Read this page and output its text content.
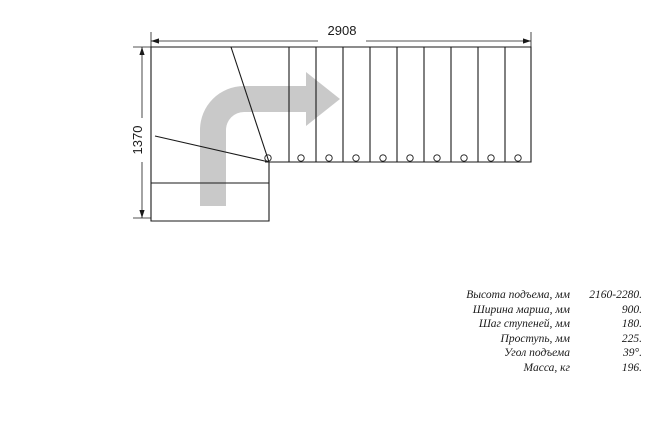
2908
1370
Высота подъема, мм	2160-2280.
Ширина марша, мм	900.
Шаг ступеней, мм	180.
Проступь, мм	225.
Угол подъема	39°.
Масса, кг	196.
